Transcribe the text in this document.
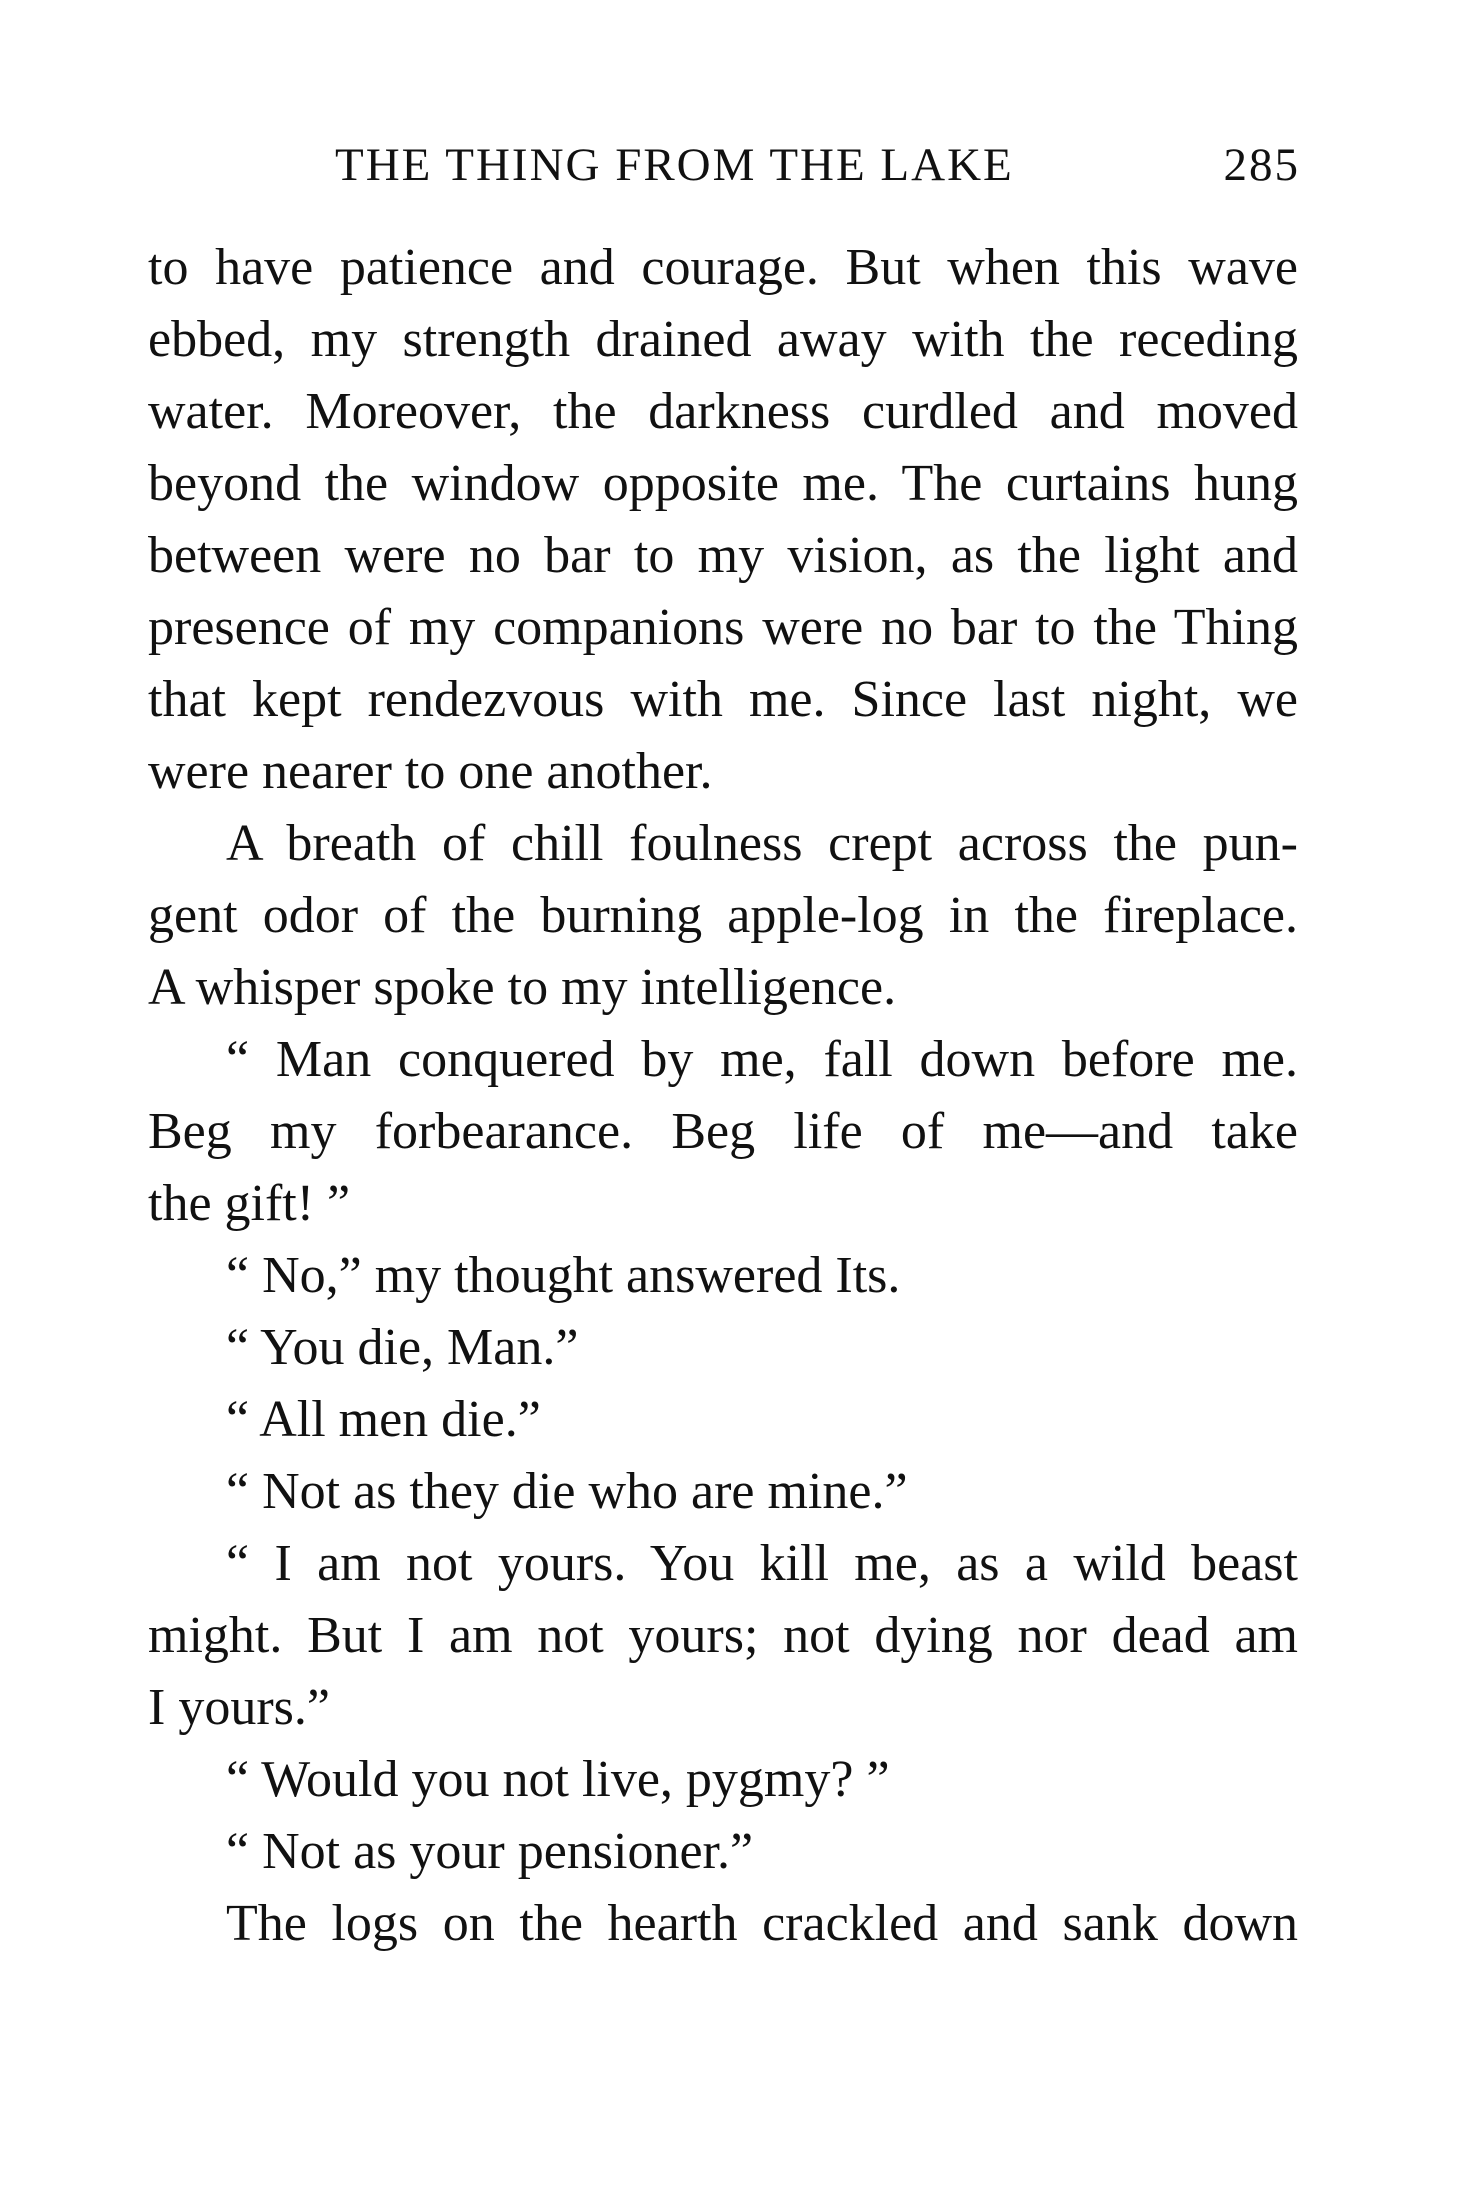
THE THING FROM THE LAKE	285
to have patience and courage. But when this wave
ebbed, my strength drained away with the receding
water. Moreover, the darkness curdled and moved
beyond the window opposite me. The curtains hung
between were no bar to my vision, as the light and
presence of my companions were no bar to the Thing
that kept rendezvous with me. Since last night, we
were nearer to one another.
A breath of chill foulness crept across the pun-
gent odor of the burning apple-log in the fireplace.
A whisper spoke to my intelligence.
“ Man conquered by me, fall down before me.
Beg my forbearance. Beg life of me—and take
the gift! ”
“ No,” my thought answered Its.
“ You die, Man.”
“ All men die.”
“ Not as they die who are mine.”
“ I am not yours. You kill me, as a wild beast
might. But I am not yours; not dying nor dead am
I yours.”
“ Would you not live, pygmy? ”
“ Not as your pensioner.”
The logs on the hearth crackled and sank down
